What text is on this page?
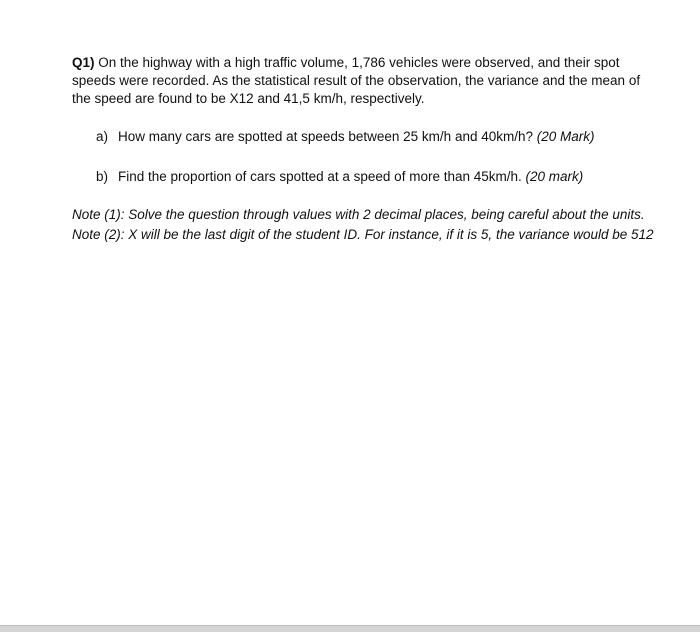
Q1) On the highway with a high traffic volume, 1,786 vehicles were observed, and their spot speeds were recorded. As the statistical result of the observation, the variance and the mean of the speed are found to be X12 and 41,5 km/h, respectively.
a) How many cars are spotted at speeds between 25 km/h and 40km/h? (20 Mark)
b) Find the proportion of cars spotted at a speed of more than 45km/h. (20 mark)

Note (1): Solve the question through values with 2 decimal places, being careful about the units.

Note (2): X will be the last digit of the student ID. For instance, if it is 5, the variance would be 512
